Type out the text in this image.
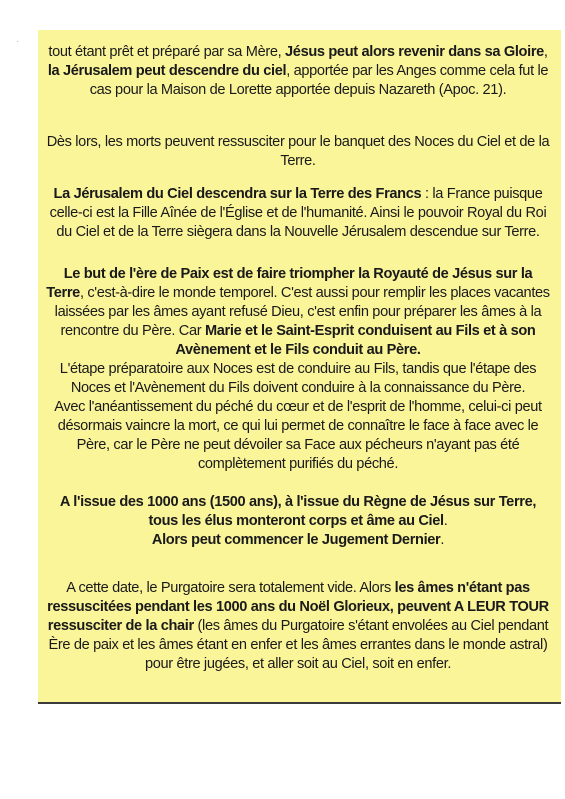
·
tout étant prêt et préparé par sa Mère, Jésus peut alors revenir dans sa Gloire,
la Jérusalem peut descendre du ciel, apportée par les Anges comme cela fut le
cas pour la Maison de Lorette apportée depuis Nazareth (Apoc. 21).
Dès lors, les morts peuvent ressusciter pour le banquet des Noces du Ciel et de la
Terre.
La Jérusalem du Ciel descendra sur la Terre des Francs : la France puisque
celle-ci est la Fille Aînée de l'Église et de l'humanité. Ainsi le pouvoir Royal du Roi
du Ciel et de la Terre siègera dans la Nouvelle Jérusalem descendue sur Terre.
Le but de l'ère de Paix est de faire triompher la Royauté de Jésus sur la
Terre, c'est-à-dire le monde temporel. C'est aussi pour remplir les places vacantes
laissées par les âmes ayant refusé Dieu, c'est enfin pour préparer les âmes à la
rencontre du Père. Car Marie et le Saint-Esprit conduisent au Fils et à son
Avènement et le Fils conduit au Père.
L'étape préparatoire aux Noces est de conduire au Fils, tandis que l'étape des
Noces et l'Avènement du Fils doivent conduire à la connaissance du Père.
Avec l'anéantissement du péché du cœur et de l'esprit de l'homme, celui-ci peut
désormais vaincre la mort, ce qui lui permet de connaître le face à face avec le
Père, car le Père ne peut dévoiler sa Face aux pécheurs n'ayant pas été
complètement purifiés du péché.
A l'issue des 1000 ans (1500 ans), à l'issue du Règne de Jésus sur Terre,
tous les élus monteront corps et âme au Ciel.
Alors peut commencer le Jugement Dernier.
A cette date, le Purgatoire sera totalement vide. Alors les âmes n'étant pas
ressuscitées pendant les 1000 ans du Noël Glorieux, peuvent A LEUR TOUR
ressusciter de la chair (les âmes du Purgatoire s'étant envolées au Ciel pendant
Ère de paix et les âmes étant en enfer et les âmes errantes dans le monde astral)
pour être jugées, et aller soit au Ciel, soit en enfer.
